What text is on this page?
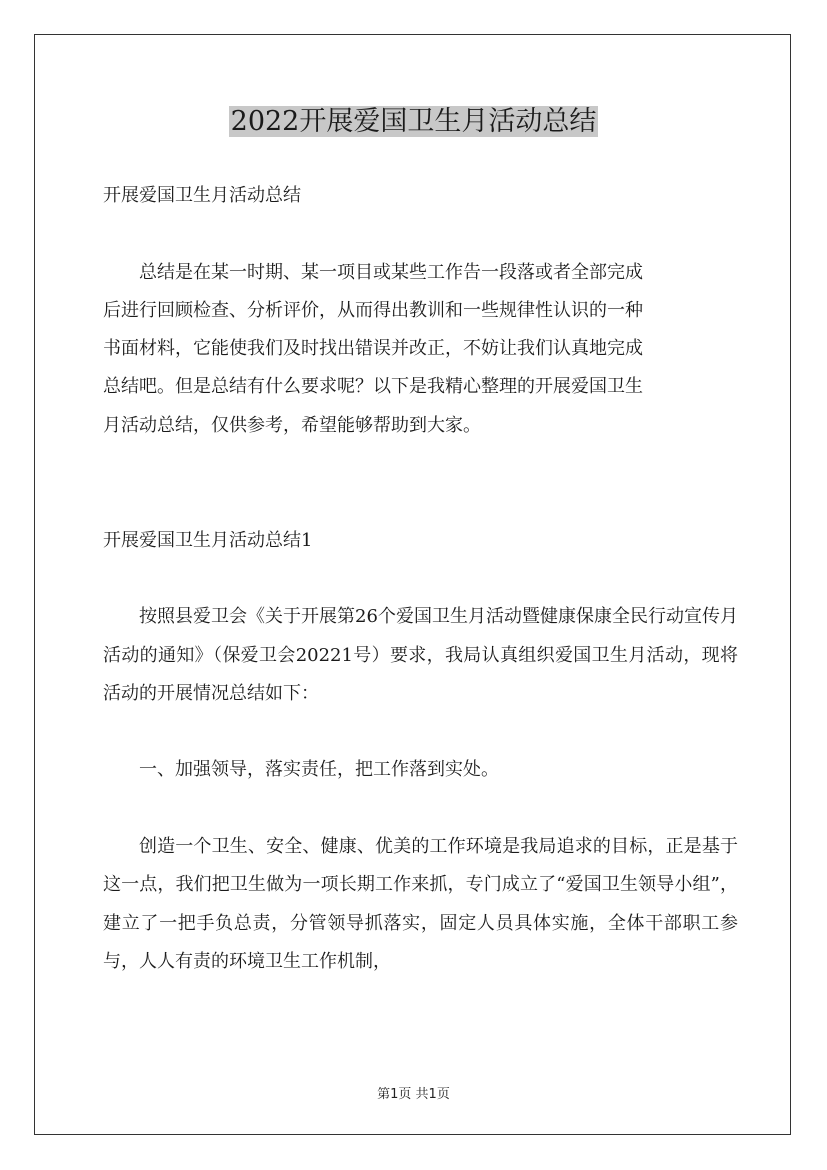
2022开展爱国卫生月活动总结

开展爱国卫生月活动总结

总结是在某一时期、某一项目或某些工作告一段落或者全部完成

后进行回顾检查、分析评价，从而得出教训和一些规律性认识的一种

书面材料，它能使我们及时找出错误并改正，不妨让我们认真地完成

总结吧。但是总结有什么要求呢？以下是我精心整理的开展爱国卫生

月活动总结，仅供参考，希望能够帮助到大家。

开展爱国卫生月活动总结1

按照县爱卫会《关于开展第26个爱国卫生月活动暨健康保康全民行动宣传月活动的通知》（保爱卫会20221号）要求，我局认真组织爱国卫生月活动，现将活动的开展情况总结如下：

一、加强领导，落实责任，把工作落到实处。

创造一个卫生、安全、健康、优美的工作环境是我局追求的目标，正是基于这一点，我们把卫生做为一项长期工作来抓，专门成立了“爱国卫生领导小组”，建立了一把手负总责，分管领导抓落实，固定人员具体实施，全体干部职工参与，人人有责的环境卫生工作机制，

第1页 共1页
